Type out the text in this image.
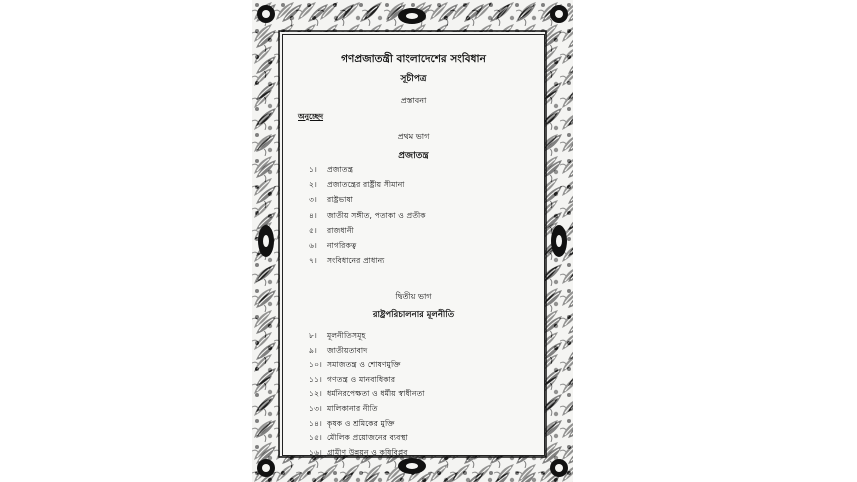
গণপ্রজাতন্ত্রী বাংলাদেশের সংবিধান
সূচীপত্র
প্রস্তাবনা
অনুচ্ছেদ
প্রথম ভাগ
প্রজাতন্ত্র
১। প্রজাতন্ত্র
২। প্রজাতন্ত্রের রাষ্ট্রীয় সীমানা
৩। রাষ্ট্রভাষা
৪। জাতীয় সঙ্গীত, পতাকা ও প্রতীক
৫। রাজধানী
৬। নাগরিকত্ব
৭। সংবিধানের প্রাধান্য
দ্বিতীয় ভাগ
রাষ্ট্রপরিচালনার মূলনীতি
৮। মূলনীতিসমূহ
৯। জাতীয়তাবাদ
১০। সমাজতন্ত্র ও শোষণমুক্তি
১১। গণতন্ত্র ও মানবাধিকার
১২। ধর্মনিরপেক্ষতা ও ধর্মীয় স্বাধীনতা
১৩। মালিকানার নীতি
১৪। কৃষক ও শ্রমিকের মুক্তি
১৫। মৌলিক প্রয়োজনের ব্যবস্থা
১৬। গ্রামীণ উন্নয়ন ও কৃষিবিপ্লব
